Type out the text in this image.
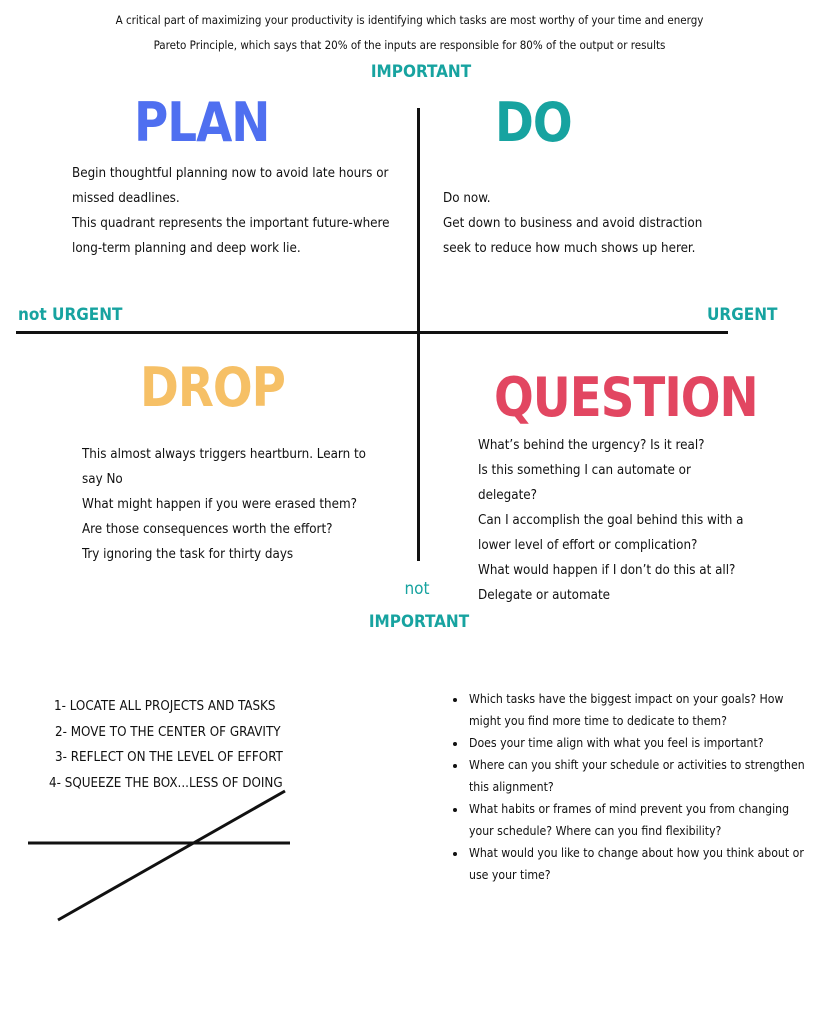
A critical part of maximizing your productivity is identifying which tasks are most worthy of your time and energy
Pareto Principle, which says that 20% of the inputs are responsible for 80% of the output or results
IMPORTANT
not URGENT	URGENT
not
IMPORTANT
PLAN
Begin thoughtful planning now to avoid late hours or
missed deadlines.
This quadrant represents the important future-where
long-term planning and deep work lie.
DO
Do now.
Get down to business and avoid distraction
seek to reduce how much shows up herer.
DROP
This almost always triggers heartburn. Learn to
say No
What might happen if you were erased them?
Are those consequences worth the effort?
Try ignoring the task for thirty days
QUESTION
What’s behind the urgency? Is it real?
Is this something I can automate or
delegate?
Can I accomplish the goal behind this with a
lower level of effort or complication?
What would happen if I don’t do this at all?
Delegate or automate
1- LOCATE ALL PROJECTS AND TASKS
2- MOVE TO THE CENTER OF GRAVITY
3- REFLECT ON THE LEVEL OF EFFORT
4- SQUEEZE THE BOX...LESS OF DOING
• Which tasks have the biggest impact on your goals? How might you find more time to dedicate to them?
• Does your time align with what you feel is important?
• Where can you shift your schedule or activities to strengthen this alignment?
• What habits or frames of mind prevent you from changing your schedule? Where can you find flexibility?
• What would you like to change about how you think about or use your time?
